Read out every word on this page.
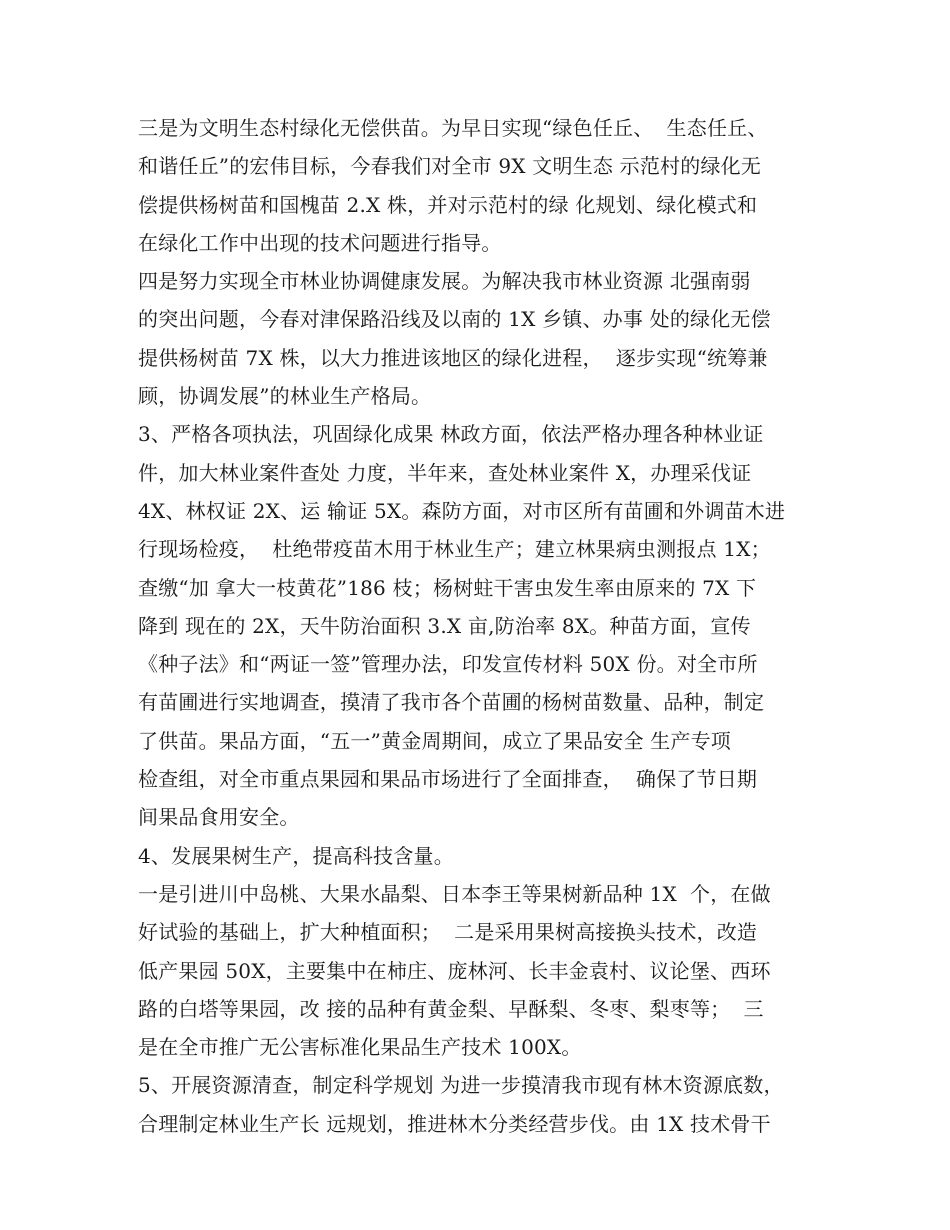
三是为文明生态村绿化无偿供苗。为早日实现“绿色任丘、  生态任丘、
和谐任丘”的宏伟目标，今春我们对全市 9X 文明生态 示范村的绿化无
偿提供杨树苗和国槐苗 2.X 株，并对示范村的绿 化规划、绿化模式和
在绿化工作中出现的技术问题进行指导。
四是努力实现全市林业协调健康发展。为解决我市林业资源 北强南弱
的突出问题，今春对津保路沿线及以南的 1X 乡镇、办事 处的绿化无偿
提供杨树苗 7X 株，以大力推进该地区的绿化进程，  逐步实现“统筹兼
顾，协调发展”的林业生产格局。
3、严格各项执法，巩固绿化成果 林政方面，依法严格办理各种林业证
件，加大林业案件查处 力度，半年来，查处林业案件 X，办理采伐证
4X、林权证 2X、运 输证 5X。森防方面，对市区所有苗圃和外调苗木进
行现场检疫，  杜绝带疫苗木用于林业生产；建立林果病虫测报点 1X；
查缴“加 拿大一枝黄花”186 枝；杨树蛀干害虫发生率由原来的 7X 下
降到 现在的 2X，天牛防治面积 3.X 亩,防治率 8X。种苗方面，宣传
《种子法》和“两证一签”管理办法，印发宣传材料 50X 份。对全市所
有苗圃进行实地调查，摸清了我市各个苗圃的杨树苗数量、品种，制定
了供苗。果品方面，“五一”黄金周期间，成立了果品安全 生产专项
检查组，对全市重点果园和果品市场进行了全面排查，  确保了节日期
间果品食用安全。
4、发展果树生产，提高科技含量。
一是引进川中岛桃、大果水晶梨、日本李王等果树新品种 1X  个，在做
好试验的基础上，扩大种植面积；  二是采用果树高接换头技术，改造
低产果园 50X，主要集中在柿庄、庞林河、长丰金袁村、议论堡、西环
路的白塔等果园，改 接的品种有黄金梨、早酥梨、冬枣、梨枣等；  三
是在全市推广无公害标准化果品生产技术 100X。
5、开展资源清查，制定科学规划 为进一步摸清我市现有林木资源底数，
合理制定林业生产长 远规划，推进林木分类经营步伐。由 1X 技术骨干
